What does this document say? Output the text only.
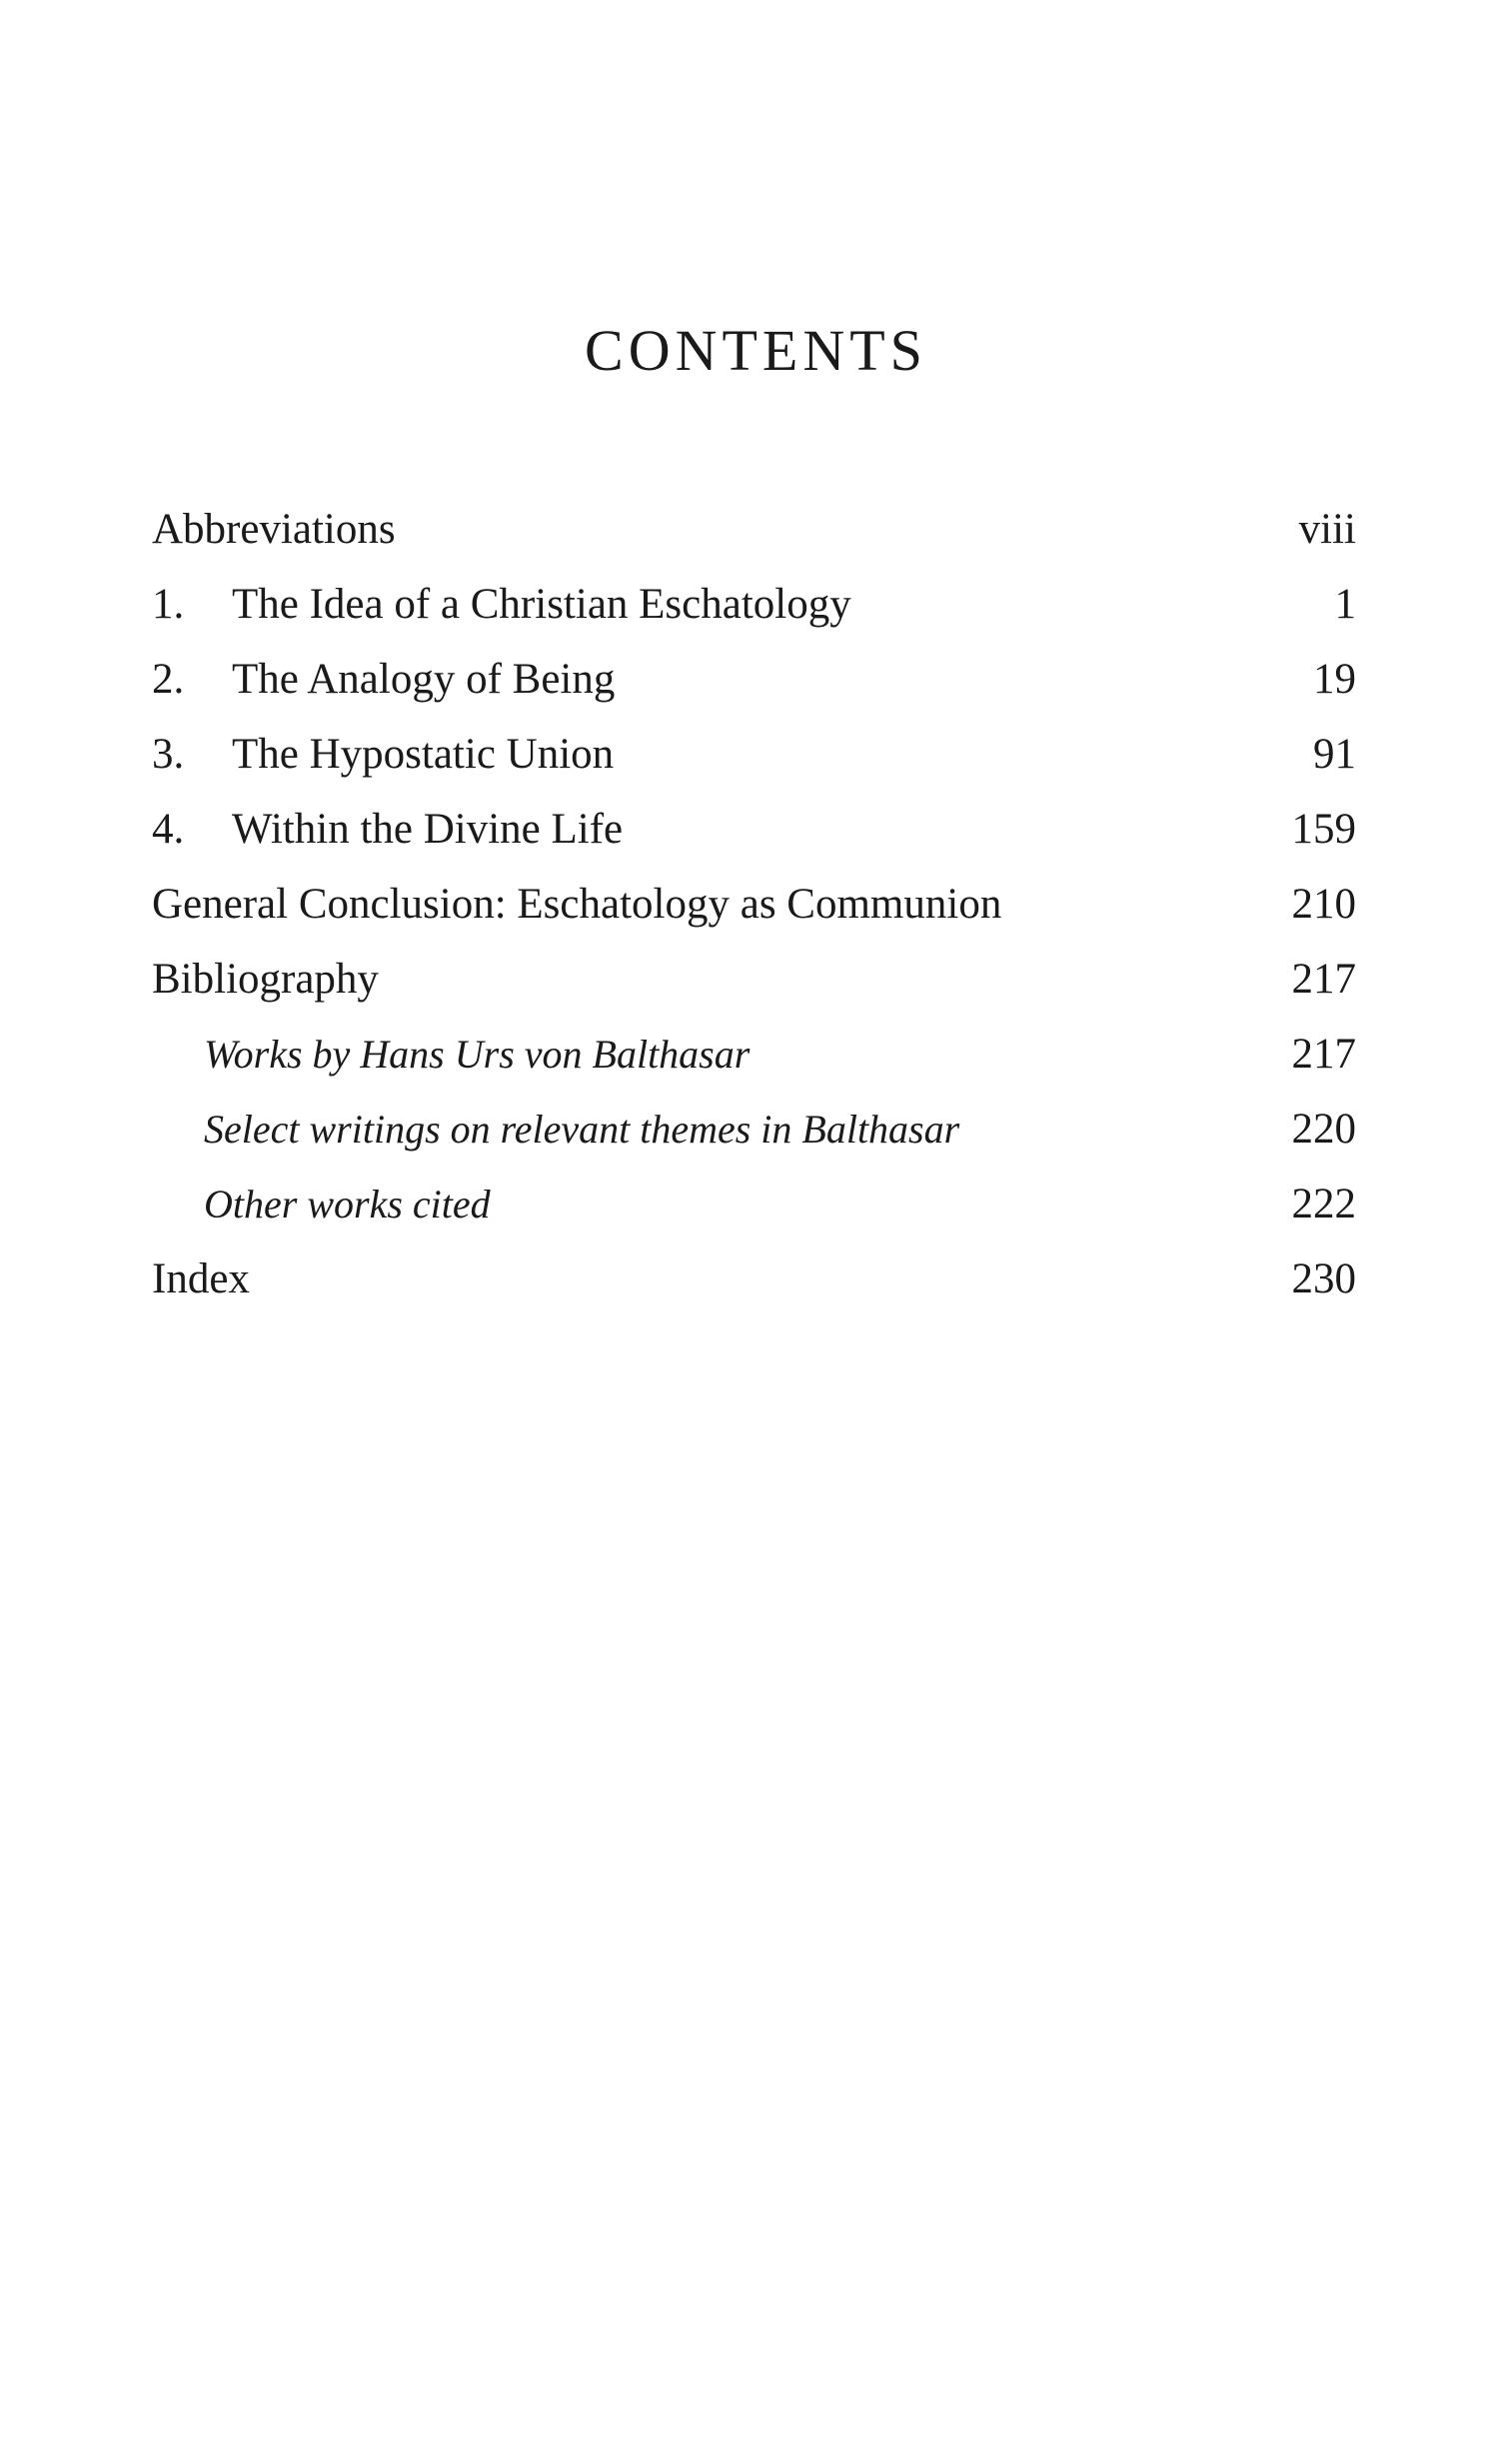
CONTENTS
Abbreviations	viii
1.	The Idea of a Christian Eschatology	1
2.	The Analogy of Being	19
3.	The Hypostatic Union	91
4.	Within the Divine Life	159
General Conclusion: Eschatology as Communion	210
Bibliography	217
Works by Hans Urs von Balthasar	217
Select writings on relevant themes in Balthasar	220
Other works cited	222
Index	230
